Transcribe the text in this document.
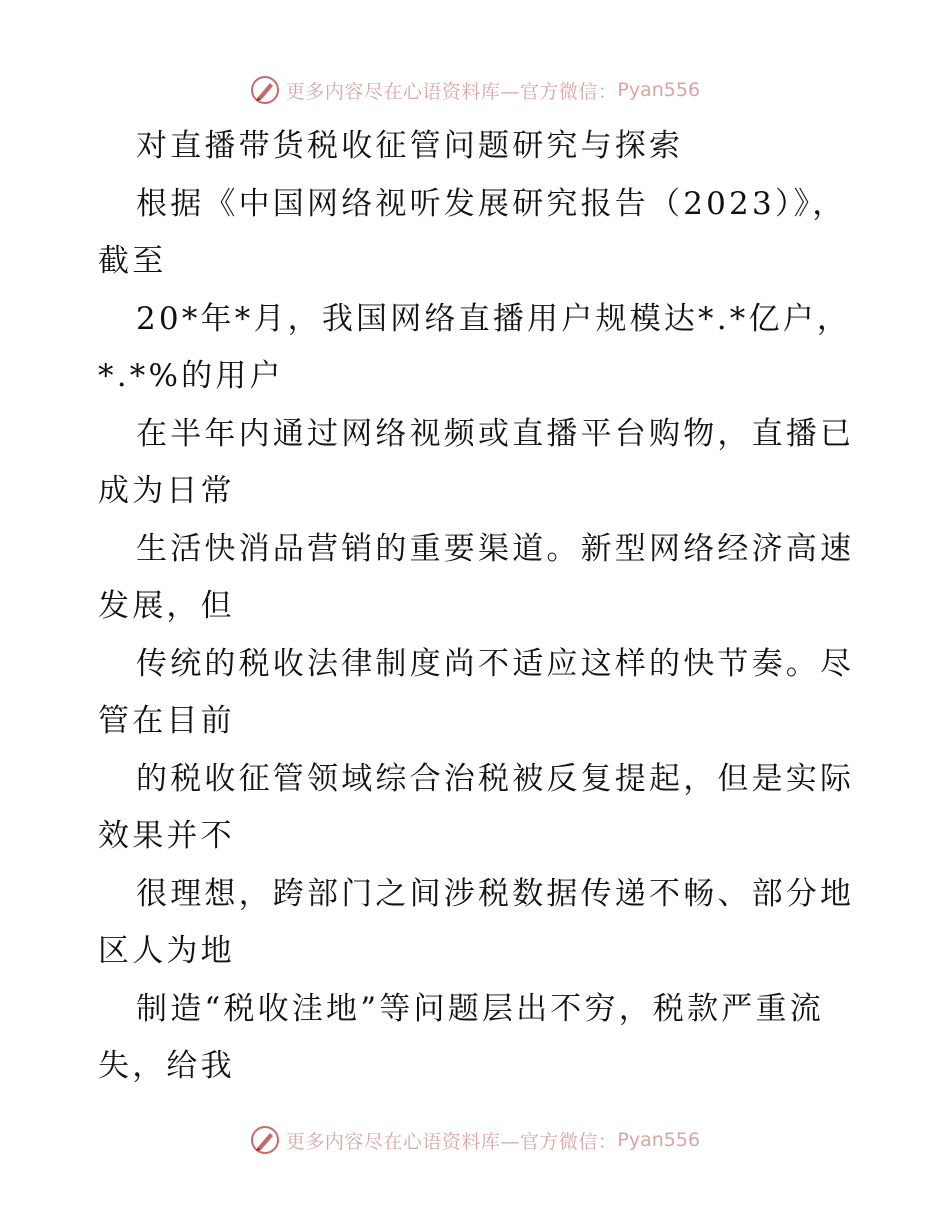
更多内容尽在心语资料库—官方微信： Pyan556
对直播带货税收征管问题研究与探索
根据《中国网络视听发展研究报告（2023）》，
截至
20*年*月，我国网络直播用户规模达*.*亿户，
*.*%的用户
在半年内通过网络视频或直播平台购物，直播已
成为日常
生活快消品营销的重要渠道。新型网络经济高速
发展，但
传统的税收法律制度尚不适应这样的快节奏。尽
管在目前
的税收征管领域综合治税被反复提起，但是实际
效果并不
很理想，跨部门之间涉税数据传递不畅、部分地
区人为地
制造“税收洼地”等问题层出不穷，税款严重流
失，给我
更多内容尽在心语资料库—官方微信： Pyan556
